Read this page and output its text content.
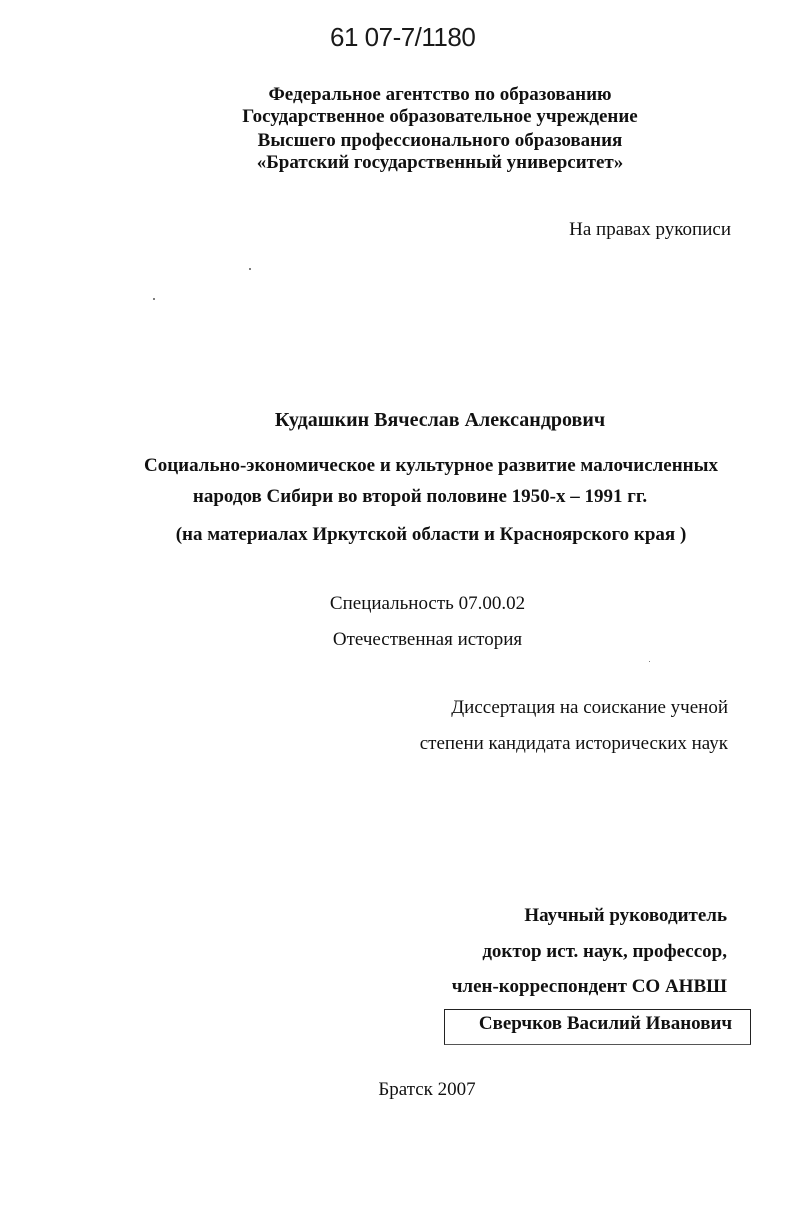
61 07-7/1180
Федеральное агентство по образованию
Государственное образовательное учреждение
Высшего профессионального образования
«Братский государственный университет»
На правах рукописи
Кудашкин Вячеслав Александрович
Социально-экономическое и культурное развитие малочисленных
народов Сибири во второй половине 1950-х – 1991 гг.
(на материалах Иркутской области и Красноярского края )
Специальность 07.00.02
Отечественная история
Диссертация на соискание ученой
степени кандидата исторических наук
Научный руководитель
доктор ист. наук, профессор,
член-корреспондент СО АНВШ
Сверчков Василий Иванович
Братск 2007
